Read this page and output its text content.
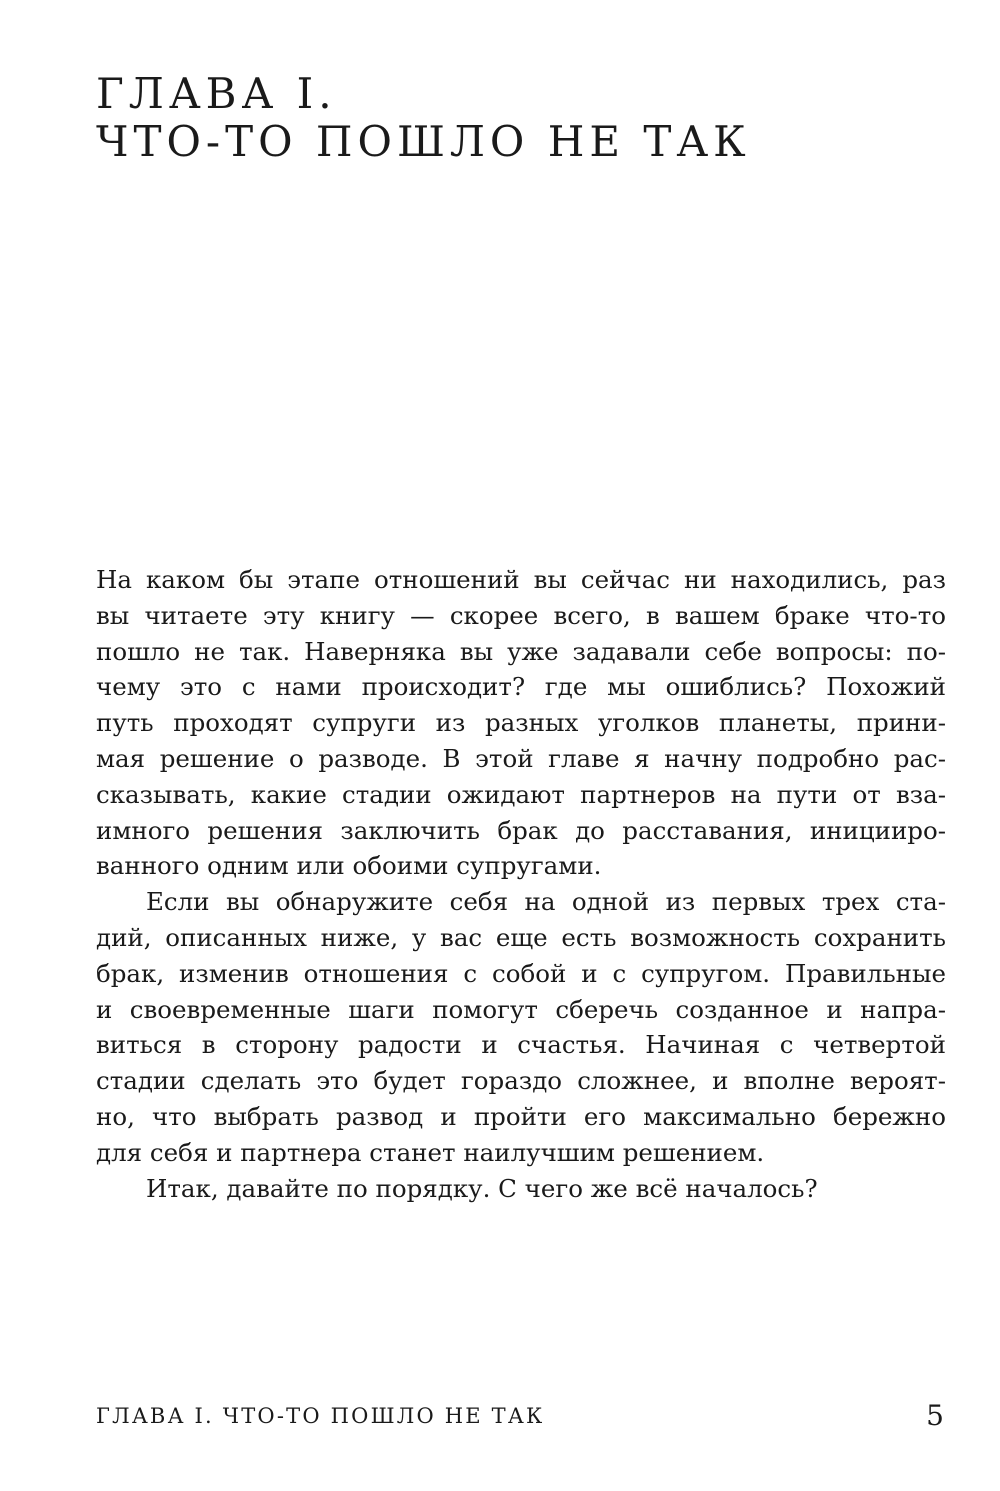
ГЛАВА I.
ЧТО-ТО ПОШЛО НЕ ТАК
На каком бы этапе отношений вы сейчас ни находились, раз
вы читаете эту книгу — скорее всего, в вашем браке что-то
пошло не так. Наверняка вы уже задавали себе вопросы: по-
чему это с нами происходит? где мы ошиблись? Похожий
путь проходят супруги из разных уголков планеты, прини-
мая решение о разводе. В этой главе я начну подробно рас-
сказывать, какие стадии ожидают партнеров на пути от вза-
имного решения заключить брак до расставания, иницииро-
ванного одним или обоими супругами.
Если вы обнаружите себя на одной из первых трех ста-
дий, описанных ниже, у вас еще есть возможность сохранить
брак, изменив отношения с собой и с супругом. Правильные
и своевременные шаги помогут сберечь созданное и напра-
виться в сторону радости и счастья. Начиная с четвертой
стадии сделать это будет гораздо сложнее, и вполне вероят-
но, что выбрать развод и пройти его максимально бережно
для себя и партнера станет наилучшим решением.
Итак, давайте по порядку. С чего же всё началось?
ГЛАВА I. ЧТО-ТО ПОШЛО НЕ ТАК	5
